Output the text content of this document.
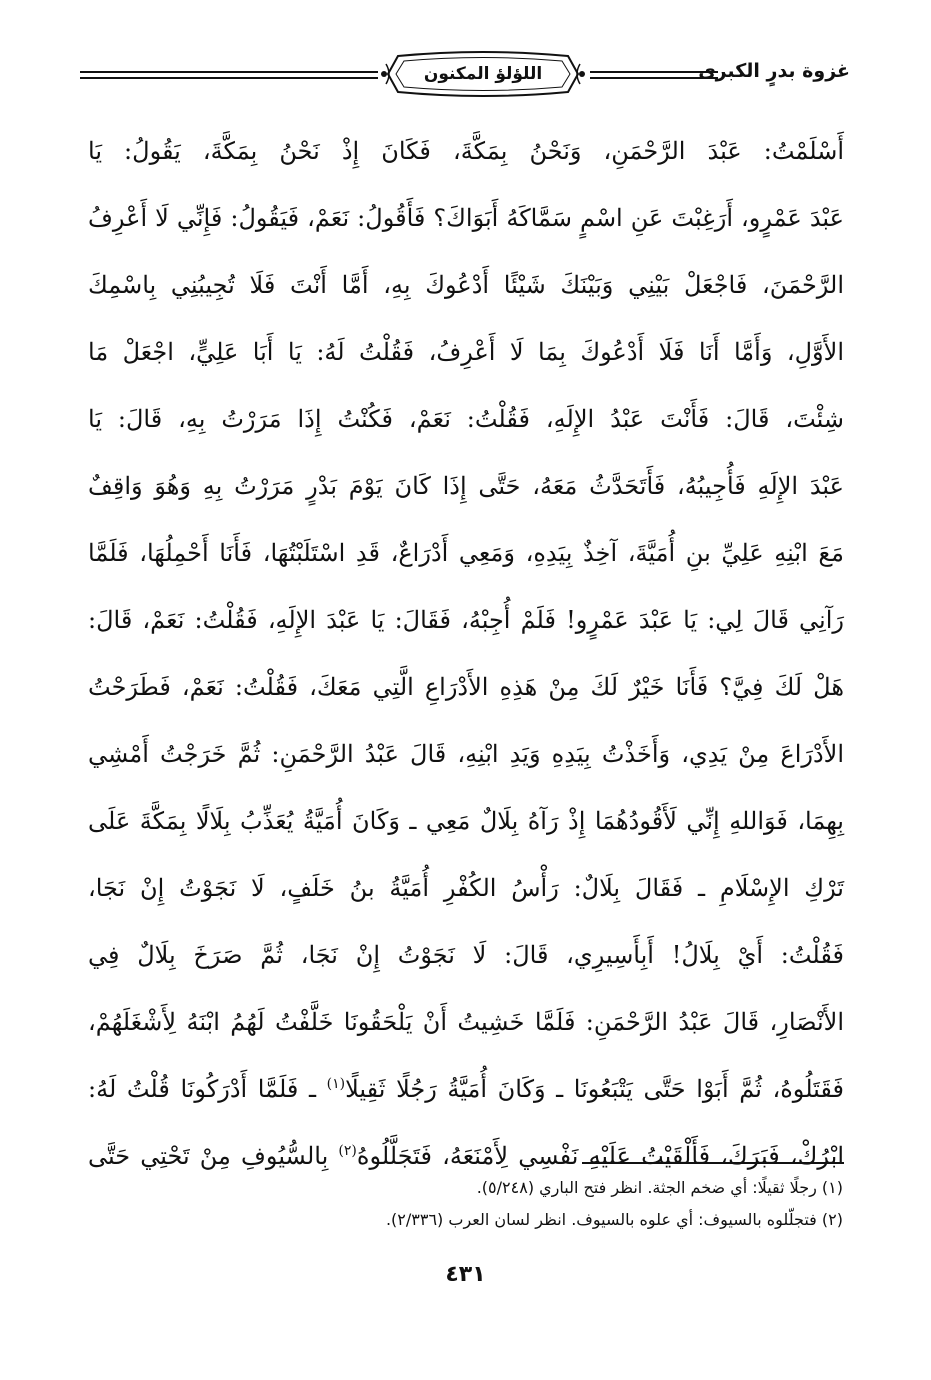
غزوة بدرٍ الكبرى
اللؤلؤ المكنون
أَسْلَمْتُ: عَبْدَ الرَّحْمَنِ، وَنَحْنُ بِمَكَّةَ، فَكَانَ إِذْ نَحْنُ بِمَكَّةَ، يَقُولُ: يَا
عَبْدَ عَمْرٍو، أَرَغِبْتَ عَنِ اسْمٍ سَمَّاكَهُ أَبَوَاكَ؟ فَأَقُولُ: نَعَمْ، فَيَقُولُ: فَإِنِّي لَا أَعْرِفُ
الرَّحْمَنَ، فَاجْعَلْ بَيْنِي وَبَيْنَكَ شَيْئًا أَدْعُوكَ بِهِ، أَمَّا أَنْتَ فَلَا تُجِيبُنِي بِاسْمِكَ
الأَوَّلِ، وَأَمَّا أَنَا فَلَا أَدْعُوكَ بِمَا لَا أَعْرِفُ، فَقُلْتُ لَهُ: يَا أَبَا عَلِيٍّ، اجْعَلْ مَا
شِئْتَ، قَالَ: فَأَنْتَ عَبْدُ الإِلَهِ، فَقُلْتُ: نَعَمْ، فَكُنْتُ إِذَا مَرَرْتُ بِهِ، قَالَ: يَا
عَبْدَ الإِلَهِ فَأُجِيبُهُ، فَأَتَحَدَّثُ مَعَهُ، حَتَّى إِذَا كَانَ يَوْمَ بَدْرٍ مَرَرْتُ بِهِ وَهُوَ وَاقِفٌ
مَعَ ابْنِهِ عَلِيِّ بنِ أُمَيَّةَ، آخِذٌ بِيَدِهِ، وَمَعِي أَدْرَاعٌ، قَدِ اسْتَلَبْتُهَا، فَأَنَا أَحْمِلُهَا، فَلَمَّا
رَآنِي قَالَ لِي: يَا عَبْدَ عَمْرٍو! فَلَمْ أُجِبْهُ، فَقَالَ: يَا عَبْدَ الإِلَهِ، فَقُلْتُ: نَعَمْ، قَالَ:
هَلْ لَكَ فِيَّ؟ فَأَنَا خَيْرٌ لَكَ مِنْ هَذِهِ الأَدْرَاعِ الَّتِي مَعَكَ، فَقُلْتُ: نَعَمْ، فَطَرَحْتُ
الأَدْرَاعَ مِنْ يَدِي، وَأَخَذْتُ بِيَدِهِ وَيَدِ ابْنِهِ، قَالَ عَبْدُ الرَّحْمَنِ: ثُمَّ خَرَجْتُ أَمْشِي
بِهِمَا، فَوَاللهِ إِنِّي لَأَقُودُهُمَا إِذْ رَآهُ بِلَالٌ مَعِي ـ وَكَانَ أُمَيَّةُ يُعَذِّبُ بِلَالًا بِمَكَّةَ عَلَى
تَرْكِ الإِسْلَامِ ـ فَقَالَ بِلَالٌ: رَأْسُ الكُفْرِ أُمَيَّةُ بنُ خَلَفٍ، لَا نَجَوْتُ إِنْ نَجَا،
فَقُلْتُ: أَيْ بِلَالُ! أَبِأَسِيرِي، قَالَ: لَا نَجَوْتُ إِنْ نَجَا، ثُمَّ صَرَخَ بِلَالٌ فِي
الأَنْصَارِ، قَالَ عَبْدُ الرَّحْمَنِ: فَلَمَّا خَشِيتُ أَنْ يَلْحَقُونَا خَلَّفْتُ لَهُمُ ابْنَهُ لِأَشْغَلَهُمْ،
فَقَتَلُوهُ، ثُمَّ أَبَوْا حَتَّى يَتْبَعُونَا ـ وَكَانَ أُمَيَّةُ رَجُلًا ثَقِيلًا$^{(١)}$ ـ فَلَمَّا أَدْرَكُونَا قُلْتُ لَهُ:
ابْرُكْ، فَبَرَكَ، فَأَلْقَيْتُ عَلَيْهِ نَفْسِي لِأَمْنَعَهُ، فَتَجَلَّلُوهُ$^{(٢)}$ بِالسُّيُوفِ مِنْ تَحْتِي حَتَّى
(١) رجلًا ثقيلًا: أي ضخم الجثة. انظر فتح الباري (٥/٢٤٨).
(٢) فتجلّلوه بالسيوف: أي علوه بالسيوف. انظر لسان العرب (٢/٣٣٦).
٤٣١
